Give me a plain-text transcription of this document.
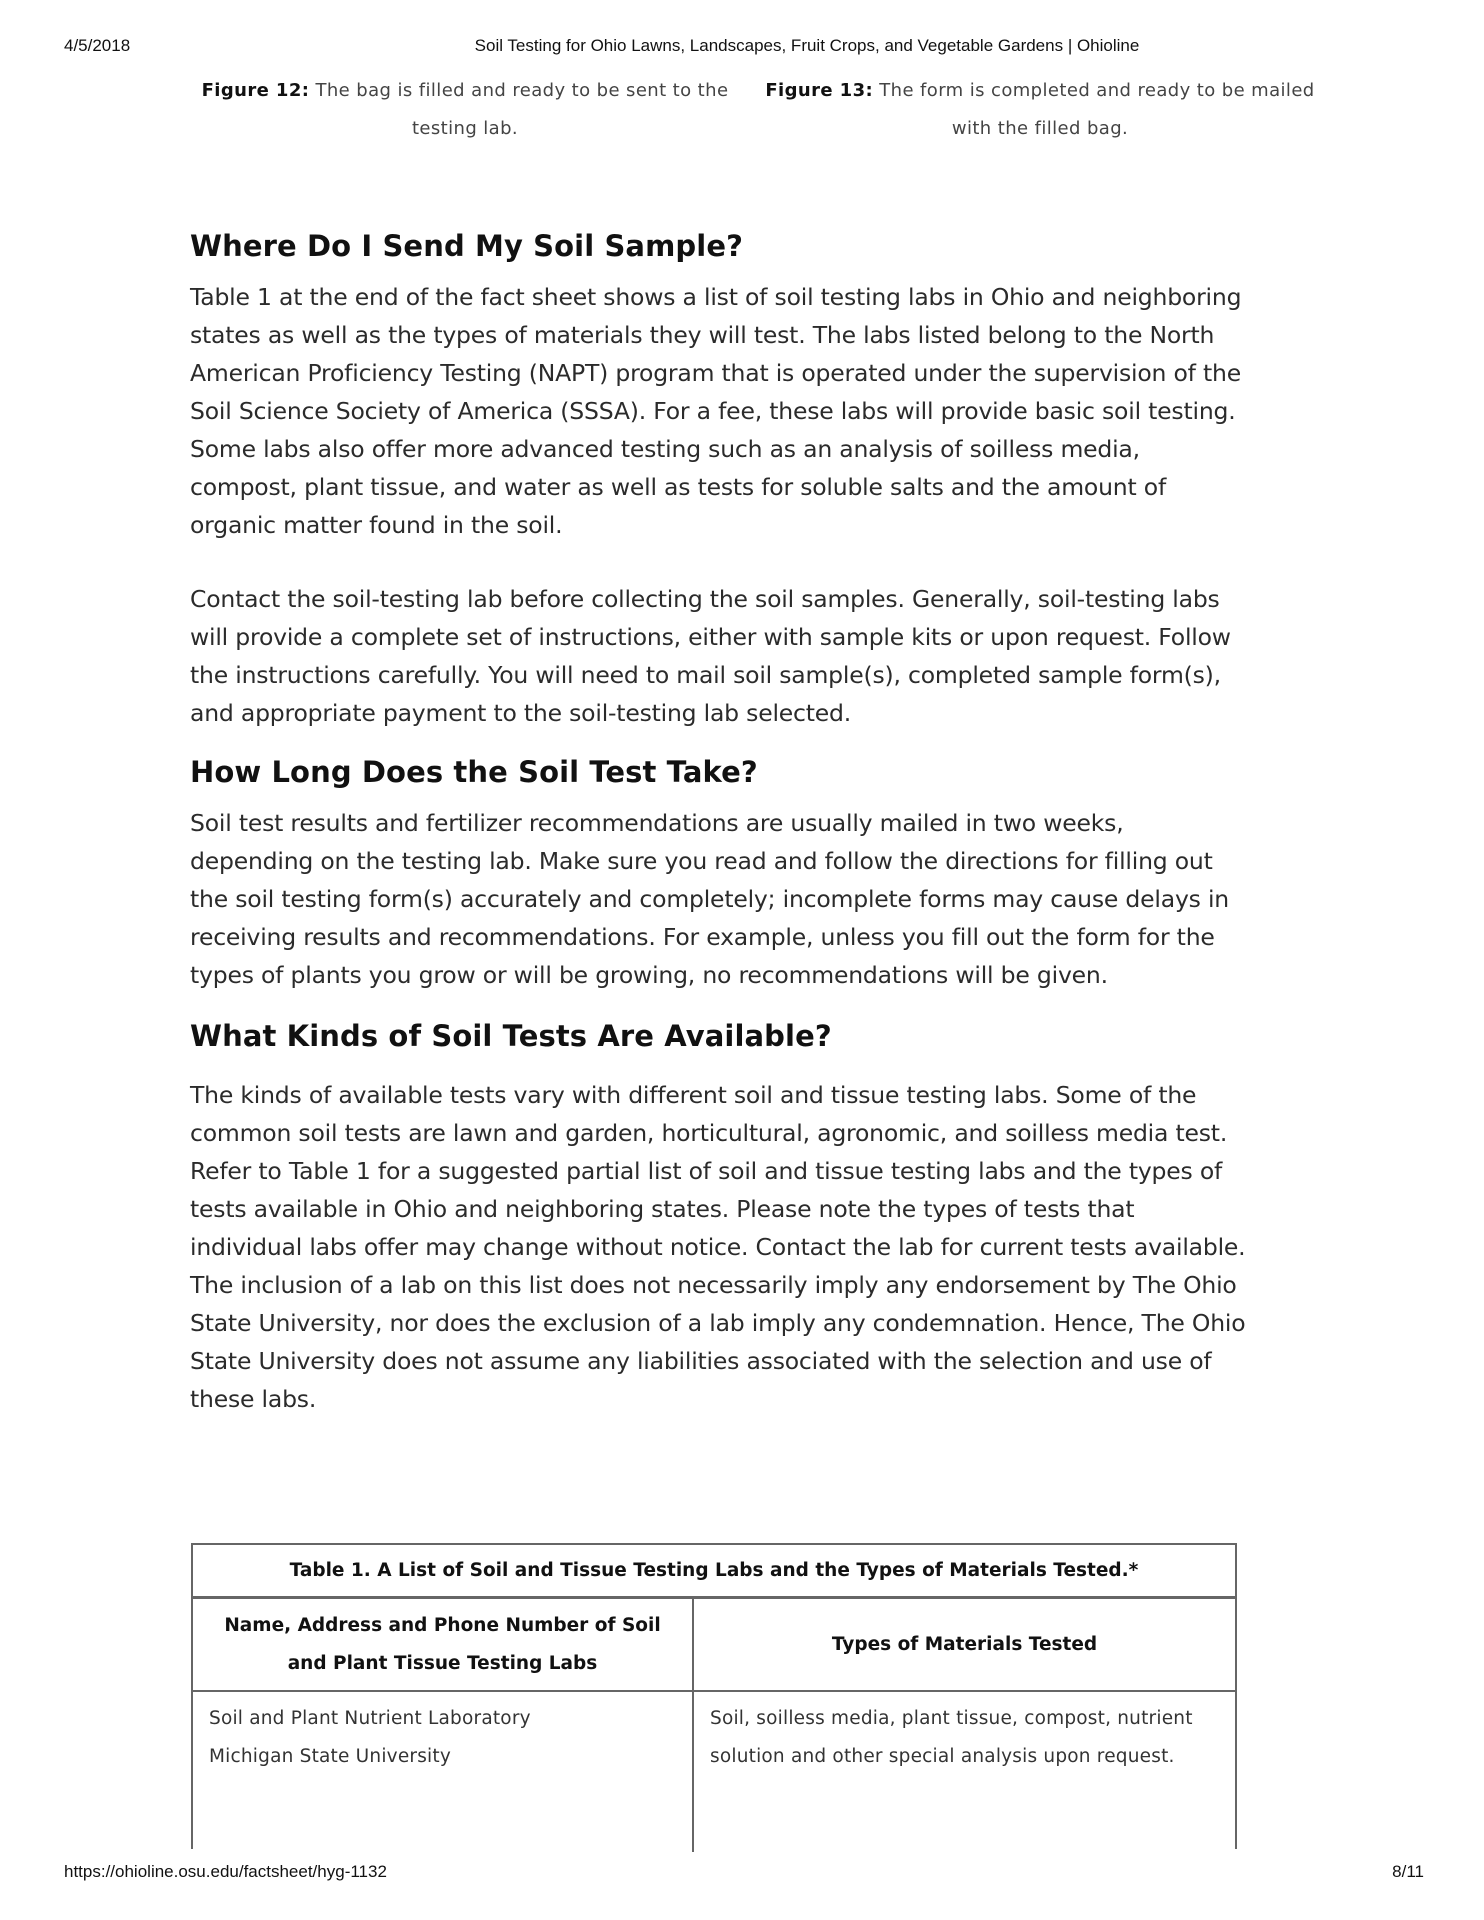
4/5/2018	Soil Testing for Ohio Lawns, Landscapes, Fruit Crops, and Vegetable Gardens | Ohioline
Figure 12: The bag is filled and ready to be sent to the testing lab.
Figure 13: The form is completed and ready to be mailed with the filled bag.
Where Do I Send My Soil Sample?

Table 1 at the end of the fact sheet shows a list of soil testing labs in Ohio and neighboring states as well as the types of materials they will test. The labs listed belong to the North American Proficiency Testing (NAPT) program that is operated under the supervision of the Soil Science Society of America (SSSA). For a fee, these labs will provide basic soil testing. Some labs also offer more advanced testing such as an analysis of soilless media, compost, plant tissue, and water as well as tests for soluble salts and the amount of organic matter found in the soil.

Contact the soil-testing lab before collecting the soil samples. Generally, soil-testing labs will provide a complete set of instructions, either with sample kits or upon request. Follow the instructions carefully. You will need to mail soil sample(s), completed sample form(s), and appropriate payment to the soil-testing lab selected.

How Long Does the Soil Test Take?

Soil test results and fertilizer recommendations are usually mailed in two weeks, depending on the testing lab. Make sure you read and follow the directions for filling out the soil testing form(s) accurately and completely; incomplete forms may cause delays in receiving results and recommendations. For example, unless you fill out the form for the types of plants you grow or will be growing, no recommendations will be given.

What Kinds of Soil Tests Are Available?

The kinds of available tests vary with different soil and tissue testing labs. Some of the common soil tests are lawn and garden, horticultural, agronomic, and soilless media test. Refer to Table 1 for a suggested partial list of soil and tissue testing labs and the types of tests available in Ohio and neighboring states. Please note the types of tests that individual labs offer may change without notice. Contact the lab for current tests available. The inclusion of a lab on this list does not necessarily imply any endorsement by The Ohio State University, nor does the exclusion of a lab imply any condemnation. Hence, The Ohio State University does not assume any liabilities associated with the selection and use of these labs.

Table 1. A List of Soil and Tissue Testing Labs and the Types of Materials Tested.*
Name, Address and Phone Number of Soil and Plant Tissue Testing Labs
Types of Materials Tested
Soil and Plant Nutrient Laboratory
Michigan State University
Soil, soilless media, plant tissue, compost, nutrient solution and other special analysis upon request.
https://ohioline.osu.edu/factsheet/hyg-1132	8/11
